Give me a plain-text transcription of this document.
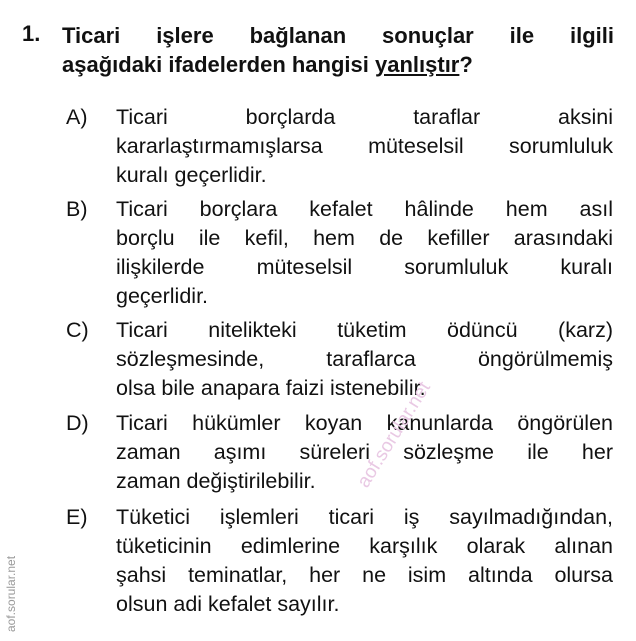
1. Ticari işlere bağlanan sonuçlar ile ilgili
aşağıdaki ifadelerden hangisi yanlıştır?
A) Ticari borçlarda taraflar aksini
kararlaştırmamışlarsa müteselsil sorumluluk
kuralı geçerlidir.
B) Ticari borçlara kefalet hâlinde hem asıl
borçlu ile kefil, hem de kefiller arasındaki
ilişkilerde müteselsil sorumluluk kuralı
geçerlidir.
C) Ticari nitelikteki tüketim ödüncü (karz)
sözleşmesinde, taraflarca öngörülmemiş
olsa bile anapara faizi istenebilir.
D) Ticari hükümler koyan kanunlarda öngörülen
zaman aşımı süreleri sözleşme ile her
zaman değiştirilebilir.
E) Tüketici işlemleri ticari iş sayılmadığından,
tüketicinin edimlerine karşılık olarak alınan
şahsi teminatlar, her ne isim altında olursa
olsun adi kefalet sayılır.
aof.sorular.net
aof.sorular.net
